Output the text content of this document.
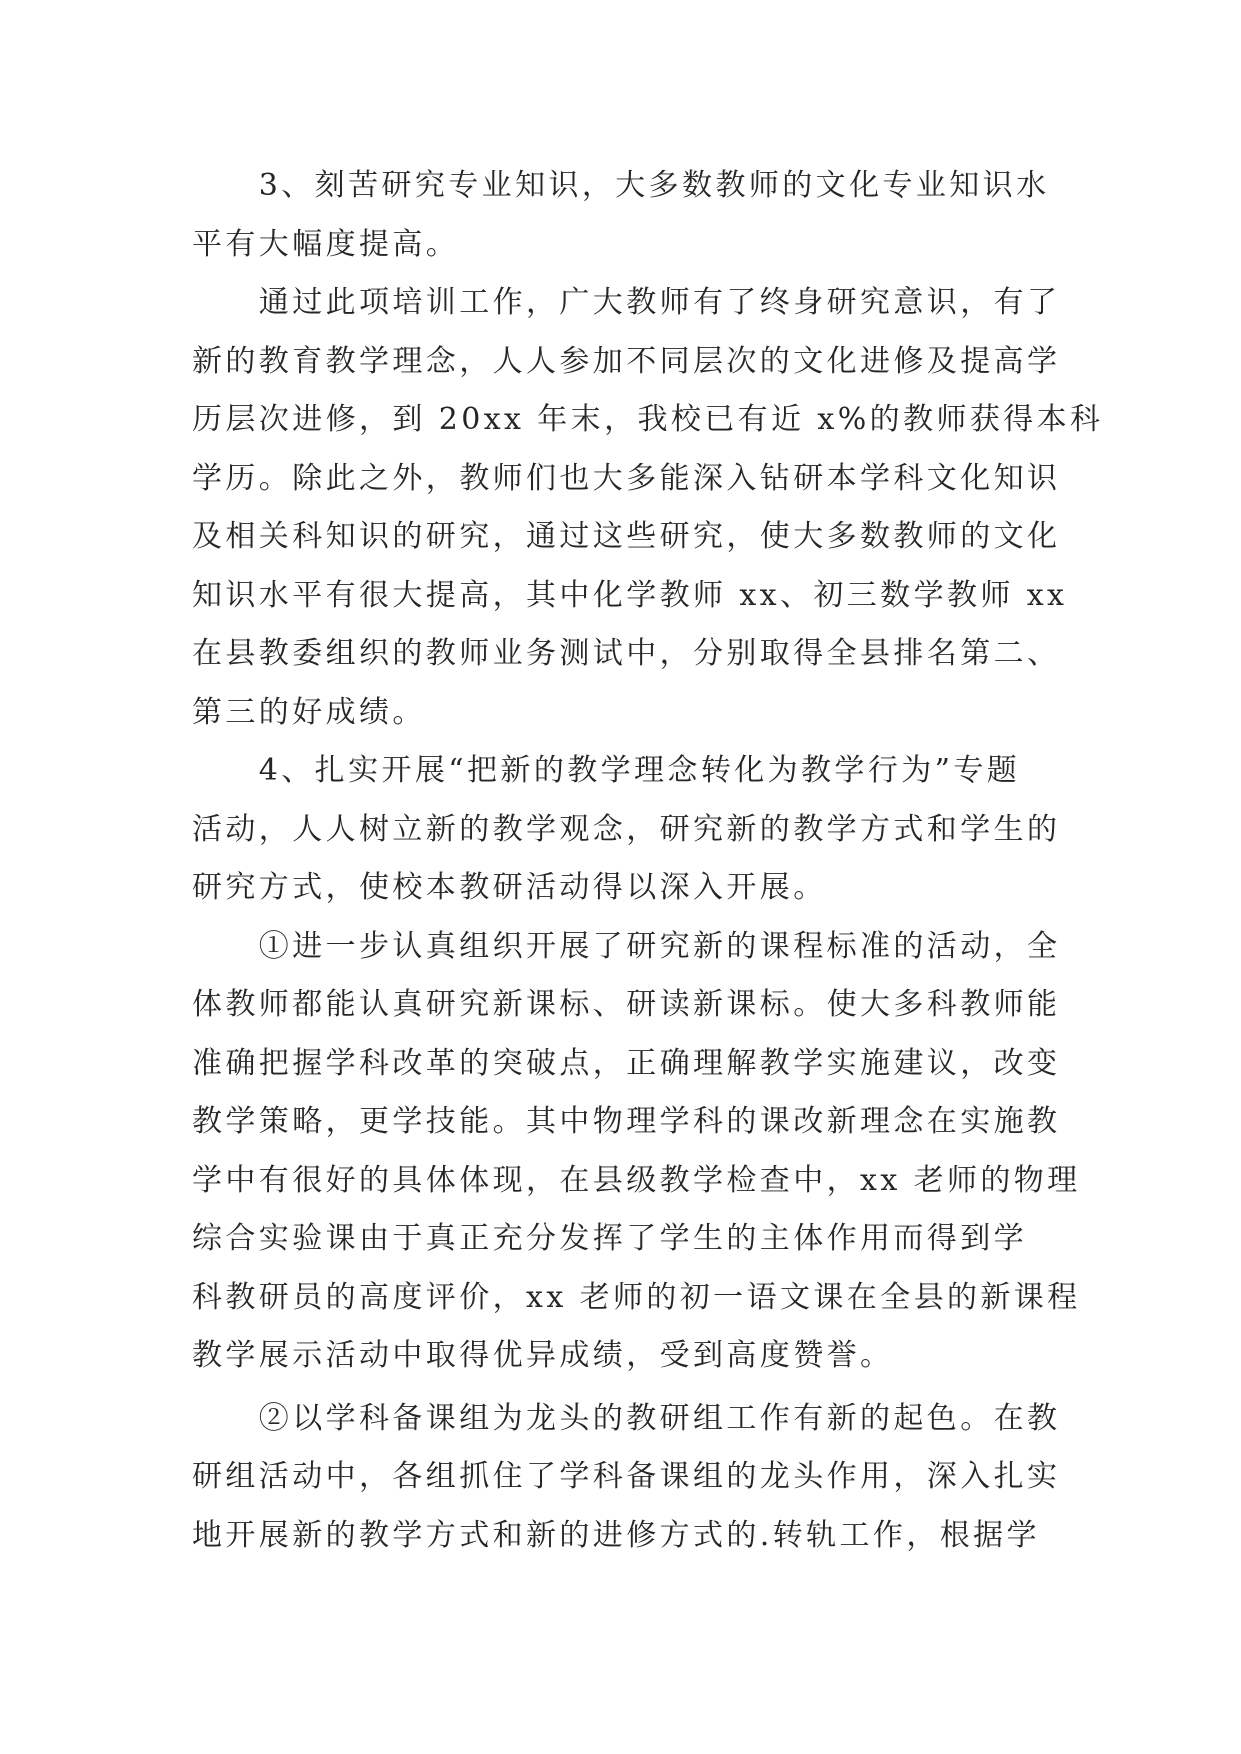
　　3、刻苦研究专业知识，大多数教师的文化专业知识水
平有大幅度提高。
　　通过此项培训工作，广大教师有了终身研究意识，有了
新的教育教学理念，人人参加不同层次的文化进修及提高学
历层次进修，到 20xx 年末，我校已有近 x%的教师获得本科
学历。除此之外，教师们也大多能深入钻研本学科文化知识
及相关科知识的研究，通过这些研究，使大多数教师的文化
知识水平有很大提高，其中化学教师 xx、初三数学教师 xx
在县教委组织的教师业务测试中，分别取得全县排名第二、
第三的好成绩。
　　4、扎实开展“把新的教学理念转化为教学行为”专题
活动，人人树立新的教学观念，研究新的教学方式和学生的
研究方式，使校本教研活动得以深入开展。
　　①进一步认真组织开展了研究新的课程标准的活动，全
体教师都能认真研究新课标、研读新课标。使大多科教师能
准确把握学科改革的突破点，正确理解教学实施建议，改变
教学策略，更学技能。其中物理学科的课改新理念在实施教
学中有很好的具体体现，在县级教学检查中，xx 老师的物理
综合实验课由于真正充分发挥了学生的主体作用而得到学
科教研员的高度评价，xx 老师的初一语文课在全县的新课程
教学展示活动中取得优异成绩，受到高度赞誉。
　　②以学科备课组为龙头的教研组工作有新的起色。在教
研组活动中，各组抓住了学科备课组的龙头作用，深入扎实
地开展新的教学方式和新的进修方式的.转轨工作，根据学
